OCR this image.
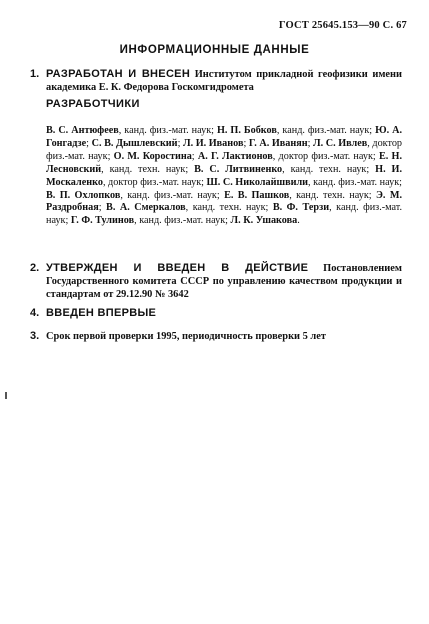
ГОСТ 25645.153—90 С. 67
ИНФОРМАЦИОННЫЕ ДАННЫЕ
1. РАЗРАБОТАН И ВНЕСЕН Институтом прикладной геофизики имени академика Е. К. Федорова Госкомгидромета
РАЗРАБОТЧИКИ
В. С. Антюфеев, канд. физ.-мат. наук; Н. П. Бобков, канд. физ.-мат. наук; Ю. А. Гонгадзе; С. В. Дышлевский; Л. И. Иванов; Г. А. Иванян; Л. С. Ивлев, доктор физ.-мат. наук; О. М. Коростина; А. Г. Лактионов, доктор физ.-мат. наук; Е. Н. Лесновский, канд. техн. наук; В. С. Литвиненко, канд. техн. наук; Н. И. Москаленко, доктор физ.-мат. наук; Ш. С. Николайшвили, канд. физ.-мат. наук; В. П. Охлопков, канд. физ.-мат. наук; Е. В. Пашков, канд. техн. наук; Э. М. Раздробная; В. А. Смеркалов, канд. техн. наук; В. Ф. Терзи, канд. физ.-мат. наук; Г. Ф. Тулинов, канд. физ.-мат. наук; Л. К. Ушакова.
2. УТВЕРЖДЕН И ВВЕДЕН В ДЕЙСТВИЕ Постановлением Государственного комитета СССР по управлению качеством продукции и стандартам от 29.12.90 № 3642
4. ВВЕДЕН ВПЕРВЫЕ
3. Срок первой проверки 1995, периодичность проверки 5 лет
